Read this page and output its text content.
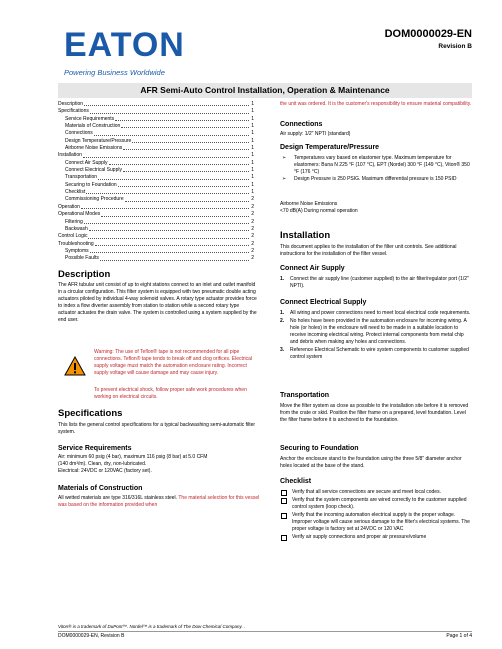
EATON
Powering Business Worldwide
DOM0000029-EN
Revision B
AFR Semi-Auto Control Installation, Operation & Maintenance
Description	1
Specifications	1
Service Requirements	1
Materials of Construction	1
Connections	1
Design Temperature/Pressure	1
Airborne Noise Emissions	1
Installation	1
Connect Air Supply	1
Connect Electrical Supply	1
Transportation	1
Securing to Foundation	1
Checklist	1
Commissioning Procedure	2
Operation	2
Operational Modes	2
Filtering	2
Backwash	2
Control Logic	2
Troubleshooting	2
Symptoms	2
Possible Faults	2
Description
The AFR tubular unit consist of up to eight stations connect to an inlet and outlet manifold in a circular configuration. This filter system is equipped with two pneumatic double acting actuators piloted by individual 4-way solenoid valves. A rotary type actuator provides force to index a flow diverter assembly from station to station while a second rotary type actuator actuates the drain valve. The system is controlled using a system supplied by the end user.
Warning: The use of Teflon® tape is not recommended for all pipe connections. Teflon® tape tends to break off and clog orifices. Electrical supply voltage must match the automation enclosure rating. Incorrect supply voltage will cause damage and may cause injury.
To prevent electrical shock, follow proper safe work procedures when working on electrical circuits.
Specifications
This lists the general control specifications for a typical backwashing semi-automatic filter system.
Service Requirements
Air: minimum 60 psig (4 bar), maximum 116 psig (8 bar) at 5.0 CFM
(140 dm³/m). Clean, dry, non-lubricated.
Electrical: 24VDC or 120VAC (factory set).
Materials of Construction
All wetted materials are type 316/316L stainless steel. The material selection for this vessel was based on the information provided when
the unit was ordered. It is the customer's responsibility to ensure material compatibility.
Connections
Air supply: 1/2" NPTI (standard)
Design Temperature/Pressure
➢ Temperatures vary based on elastomer type. Maximum temperature for elastomers: Buna N 225 °F (107 °C), EPT (Nordel) 300 °F (149 °C), Viton® 350 °F (176 °C)
➢ Design Pressure is 250 PSIG. Maximum differential pressure is 150 PSID
Airborne Noise Emissions
<70 dB(A) During normal operation
Installation
This document applies to the installation of the filter unit controls. See additional instructions for the installation of the filter vessel.
Connect Air Supply
1. Connect the air supply line (customer supplied) to the air filter/regulator port (1/2" NPTI).
Connect Electrical Supply
1. All wiring and power connections need to meet local electrical code requirements.
2. No holes have been provided in the automation enclosure for incoming wiring. A hole (or holes) in the enclosure will need to be made in a suitable location to receive incoming electrical wiring. Protect internal components from metal chip and debris when making any holes and connections.
3. Reference Electrical Schematic to wire system components to customer supplied control system
Transportation
Move the filter system as close as possible to the installation site before it is removed from the crate or skid. Position the filter frame on a prepared, level foundation. Level the filter frame before it is anchored to the foundation.
Securing to Foundation
Anchor the enclosure stand to the foundation using the three 5/8" diameter anchor holes located at the base of the stand.
Checklist
Verify that all service connections are secure and meet local codes.
Verify that the system components are wired correctly to the customer supplied control system (loop check).
Verify that the incoming automation electrical supply is the proper voltage. Improper voltage will cause serious damage to the filter's electrical systems. The proper voltage is factory set at 24VDC or 120 VAC
Verify air supply connections and proper air pressure/volume
Viton® is a trademark of DuPont™. Nordel™ is a trademark of The Dow Chemical Company. .
DOM0000029-EN, Revision B	Page 1 of 4
